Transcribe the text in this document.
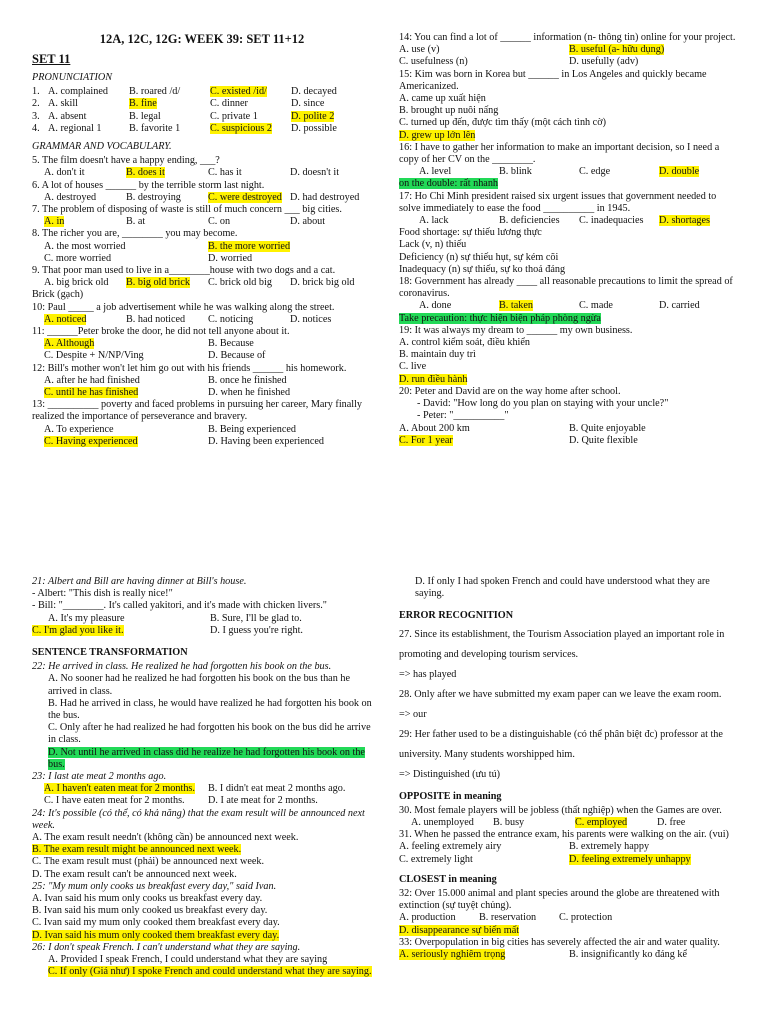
12A, 12C, 12G: WEEK 39: SET 11+12
SET 11
PRONUNCIATION
1. A. complained	B. roared /d/	C. existed /id/	D. decayed
2. A. skill	B. fine	C. dinner	D. since
3. A. absent	B. legal	C. private 1	D. polite 2
4. A. regional 1	B. favorite 1	C. suspicious 2	D. possible
GRAMMAR AND VOCABULARY.
5. The film doesn't have a happy ending, ___?
A. don't it	B. does it	C. has it	D. doesn't it
6. A lot of houses ______ by the terrible storm last night.
A. destroyed	B. destroying	C. were destroyed D. had destroyed
7. The problem of disposing of waste is still of much concern ___ big cities.
A. in	B. at	C. on	D. about
8. The richer you are, ________ you may become.
A. the most worried	B. the more worried
C. more worried	D. worried
9. That poor man used to live in a________house with two dogs and a cat.
A. big brick old	B. big old brick	C. brick old big	D. brick big old
Brick (gạch)
10: Paul _____ a job advertisement while he was walking along the street.
A. noticed	B. had noticed	C. noticing	D. notices
11: ______Peter broke the door, he did not tell anyone about it.
A. Although	B. Because
C. Despite + N/NP/Ving	D. Because of
12: Bill's mother won't let him go out with his friends ______ his homework.
A. after he had finished	B. once he finished
C. until he has finished	D. when he finished
13: __________ poverty and faced problems in pursuing her career, Mary finally realized the importance of perseverance and bravery.
A. To experience	B. Being experienced
C. Having experienced	D. Having been experienced
14: You can find a lot of ______ information (n- thông tin) online for your project.
A. use (v)	B. useful (a- hữu dụng)
C. usefulness (n)	D. usefully (adv)
15: Kim was born in Korea but ______ in Los Angeles and quickly became Americanized.
A. came up xuất hiện
B. brought up nuôi nấng
C. turned up đến, được tìm thấy (một cách tình cờ)
D. grew up lớn lên
16: I have to gather her information to make an important decision, so I need a copy of her CV on the ________.
A. level	B. blink	C. edge	D. double
on the double: rất nhanh
17: Ho Chi Minh president raised six urgent issues that government needed to solve immediately to ease the food __________ in 1945.
A. lack	B. deficiencies	C. inadequacies	D. shortages
Food shortage: sự thiếu lương thực
Lack (v, n) thiếu
Deficiency (n) sự thiếu hụt, sự kém cõi
Inadequacy (n) sự thiếu, sự ko thoả đáng
18: Government has already ____ all reasonable precautions to limit the spread of coronavirus.
A. done	B. taken	C. made	D. carried
Take precaution: thực hiện biện pháp phòng ngừa
19: It was always my dream to ______ my own business.
A. control kiểm soát, điều khiển
B. maintain duy trì
C. live
D. run điều hành
20: Peter and David are on the way home after school.
- David: "How long do you plan on staying with your uncle?"
- Peter: "__________"
A. About 200 km	B. Quite enjoyable
C. For 1 year	D. Quite flexible
21: Albert and Bill are having dinner at Bill's house.
- Albert: "This dish is really nice!"
- Bill: "________. It's called yakitori, and it's made with chicken livers."
A. It's my pleasure	B. Sure, I'll be glad to.
C. I'm glad you like it.	D. I guess you're right.
SENTENCE TRANSFORMATION
22: He arrived in class. He realized he had forgotten his book on the bus.
A. No sooner had he realized he had forgotten his book on the bus than he arrived in class.
B. Had he arrived in class, he would have realized he had forgotten his book on the bus.
C. Only after he had realized he had forgotten his book on the bus did he arrive in class.
D. Not until he arrived in class did he realize he had forgotten his book on the bus.
23: I last ate meat 2 months ago.
A. I haven't eaten meat for 2 months.	B. I didn't eat meat 2 months ago.
C. I have eaten meat for 2 months.	D. I ate meat for 2 months.
24: It's possible (có thể, có khả năng) that the exam result will be announced next week.
A. The exam result needn't (không cần) be announced next week.
B. The exam result might be announced next week.
C. The exam result must (phải) be announced next week.
D. The exam result can't be announced next week.
25: "My mum only cooks us breakfast every day," said Ivan.
A. Ivan said his mum only cooks us breakfast every day.
B. Ivan said his mum only cooked us breakfast every day.
C. Ivan said my mum only cooked them breakfast every day.
D. Ivan said his mum only cooked them breakfast every day.
26: I don't speak French. I can't understand what they are saying.
A. Provided I speak French, I could understand what they are saying
C. If only (Giá như) I spoke French and could understand what they are saying.
D. If only I had spoken French and could have understood what they are saying.
ERROR RECOGNITION
27. Since its establishment, the Tourism Association played an important role in promoting and developing tourism services.
=> has played
28. Only after we have submitted my exam paper can we leave the exam room.
=> our
29: Her father used to be a distinguishable (có thể phân biệt đc) professor at the university. Many students worshipped him.
=> Distinguished (ưu tú)
OPPOSITE in meaning
30. Most female players will be jobless (thất nghiệp) when the Games are over.
A. unemployed	B. busy	C. employed	D. free
31. When he passed the entrance exam, his parents were walking on the air. (vui)
A. feeling extremely airy	B. extremely happy
C. extremely light	D. feeling extremely unhappy
CLOSEST in meaning
32: Over 15.000 animal and plant species around the globe are threatened with extinction (sự tuyệt chủng).
A. production	B. reservation	C. protection
D. disappearance sự biến mất
33: Overpopulation in big cities has severely affected the air and water quality.
A. seriously nghiêm trọng	B. insignificantly ko đáng kể
